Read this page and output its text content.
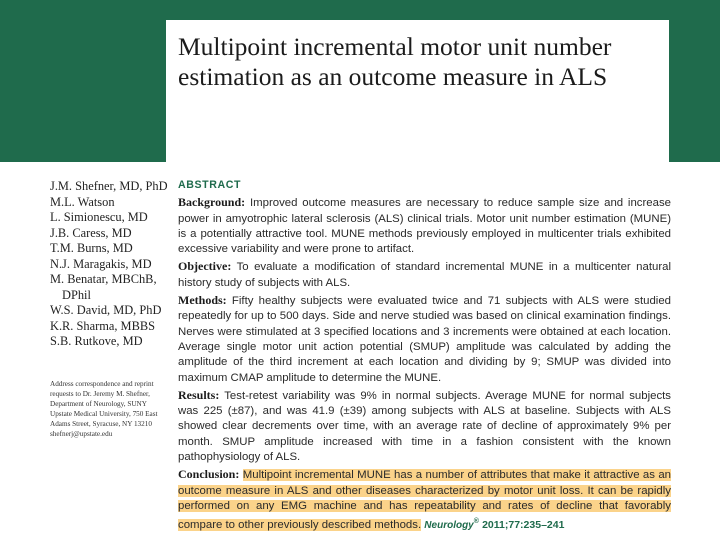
Multipoint incremental motor unit number estimation as an outcome measure in ALS
J.M. Shefner, MD, PhD
M.L. Watson
L. Simionescu, MD
J.B. Caress, MD
T.M. Burns, MD
N.J. Maragakis, MD
M. Benatar, MBChB,
DPhil
W.S. David, MD, PhD
K.R. Sharma, MBBS
S.B. Rutkove, MD
Address correspondence and reprint requests to Dr. Jeremy M. Shefner, Department of Neurology, SUNY Upstate Medical University, 750 East Adams Street, Syracuse, NY 13210 shefnerj@upstate.edu
ABSTRACT
Background: Improved outcome measures are necessary to reduce sample size and increase power in amyotrophic lateral sclerosis (ALS) clinical trials. Motor unit number estimation (MUNE) is a potentially attractive tool. MUNE methods previously employed in multicenter trials exhibited excessive variability and were prone to artifact.
Objective: To evaluate a modification of standard incremental MUNE in a multicenter natural history study of subjects with ALS.
Methods: Fifty healthy subjects were evaluated twice and 71 subjects with ALS were studied repeatedly for up to 500 days. Side and nerve studied was based on clinical examination findings. Nerves were stimulated at 3 specified locations and 3 increments were obtained at each location. Average single motor unit action potential (SMUP) amplitude was calculated by adding the amplitude of the third increment at each location and dividing by 9; SMUP was divided into maximum CMAP amplitude to determine the MUNE.
Results: Test-retest variability was 9% in normal subjects. Average MUNE for normal subjects was 225 (±87), and was 41.9 (±39) among subjects with ALS at baseline. Subjects with ALS showed clear decrements over time, with an average rate of decline of approximately 9% per month. SMUP amplitude increased with time in a fashion consistent with the known pathophysiology of ALS.
Conclusion: Multipoint incremental MUNE has a number of attributes that make it attractive as an outcome measure in ALS and other diseases characterized by motor unit loss. It can be rapidly performed on any EMG machine and has repeatability and rates of decline that favorably compare to other previously described methods. Neurology® 2011;77:235–241
